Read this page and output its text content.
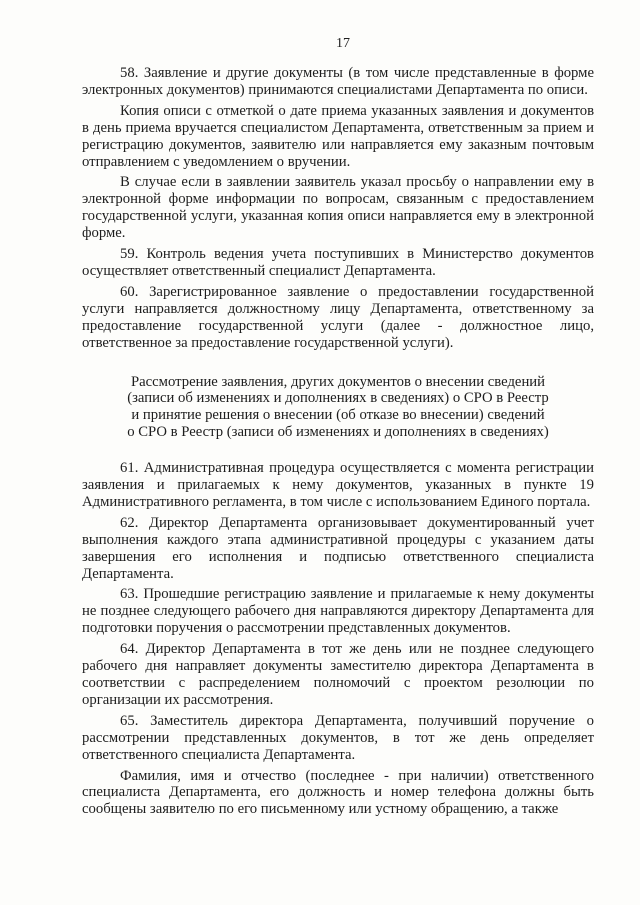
17

58. Заявление и другие документы (в том числе представленные в форме электронных документов) принимаются специалистами Департамента по описи.

Копия описи с отметкой о дате приема указанных заявления и документов в день приема вручается специалистом Департамента, ответственным за прием и регистрацию документов, заявителю или направляется ему заказным почтовым отправлением с уведомлением о вручении.

В случае если в заявлении заявитель указал просьбу о направлении ему в электронной форме информации по вопросам, связанным с предоставлением государственной услуги, указанная копия описи направляется ему в электронной форме.

59. Контроль ведения учета поступивших в Министерство документов осуществляет ответственный специалист Департамента.

60. Зарегистрированное заявление о предоставлении государственной услуги направляется должностному лицу Департамента, ответственному за предоставление государственной услуги (далее - должностное лицо, ответственное за предоставление государственной услуги).

Рассмотрение заявления, других документов о внесении сведений
(записи об изменениях и дополнениях в сведениях) о СРО в Реестр
и принятие решения о внесении (об отказе во внесении) сведений
о СРО в Реестр (записи об изменениях и дополнениях в сведениях)

61. Административная процедура осуществляется с момента регистрации заявления и прилагаемых к нему документов, указанных в пункте 19 Административного регламента, в том числе с использованием Единого портала.

62. Директор Департамента организовывает документированный учет выполнения каждого этапа административной процедуры с указанием даты завершения его исполнения и подписью ответственного специалиста Департамента.

63. Прошедшие регистрацию заявление и прилагаемые к нему документы не позднее следующего рабочего дня направляются директору Департамента для подготовки поручения о рассмотрении представленных документов.

64. Директор Департамента в тот же день или не позднее следующего рабочего дня направляет документы заместителю директора Департамента в соответствии с распределением полномочий с проектом резолюции по организации их рассмотрения.

65. Заместитель директора Департамента, получивший поручение о рассмотрении представленных документов, в тот же день определяет ответственного специалиста Департамента.

Фамилия, имя и отчество (последнее - при наличии) ответственного специалиста Департамента, его должность и номер телефона должны быть сообщены заявителю по его письменному или устному обращению, а также
